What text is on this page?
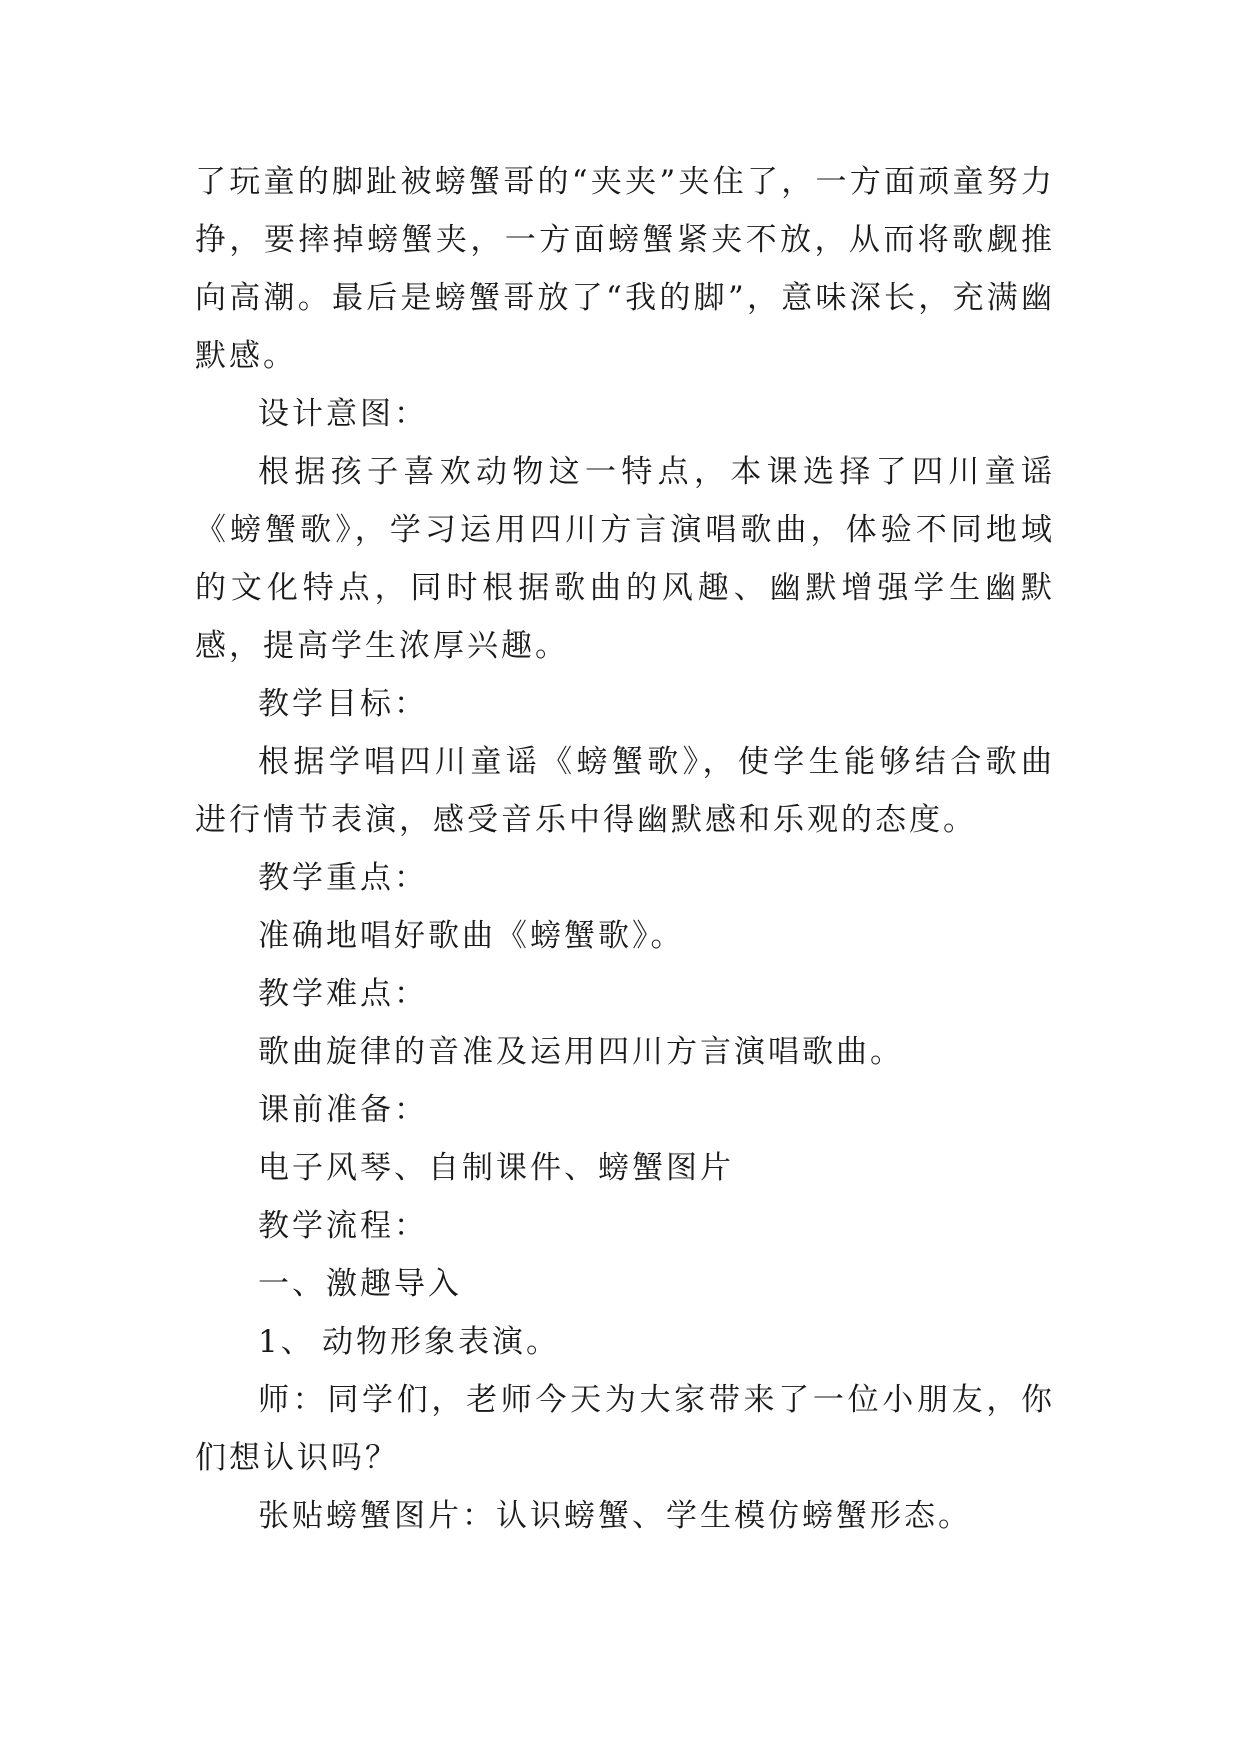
了玩童的脚趾被螃蟹哥的“夹夹”夹住了，一方面顽童努力挣，要摔掉螃蟹夹，一方面螃蟹紧夹不放，从而将歌觑推向高潮。最后是螃蟹哥放了“我的脚”，意味深长，充满幽默感。

设计意图：

根据孩子喜欢动物这一特点，本课选择了四川童谣《螃蟹歌》，学习运用四川方言演唱歌曲，体验不同地域的文化特点，同时根据歌曲的风趣、幽默增强学生幽默感，提高学生浓厚兴趣。

教学目标：

根据学唱四川童谣《螃蟹歌》，使学生能够结合歌曲进行情节表演，感受音乐中得幽默感和乐观的态度。

教学重点：

准确地唱好歌曲《螃蟹歌》。

教学难点：

歌曲旋律的音准及运用四川方言演唱歌曲。

课前准备：

电子风琴、自制课件、螃蟹图片

教学流程：

一、激趣导入

1、 动物形象表演。

师：同学们，老师今天为大家带来了一位小朋友，你们想认识吗？

张贴螃蟹图片：认识螃蟹、学生模仿螃蟹形态。
